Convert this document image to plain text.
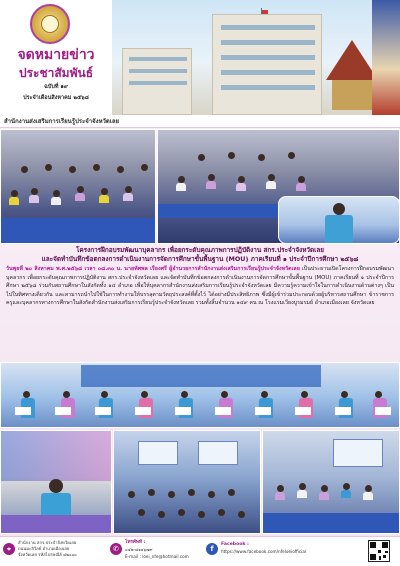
จดหมายข่าว
ประชาสัมพันธ์
ฉบับที่ ๑๙
ประจำเดือนสิงหาคม ๒๕๖๘
สำนักงานส่งเสริมการเรียนรู้ประจำจังหวัดเลย
โครงการฝึกอบรมพัฒนาบุคลากร เพื่อยกระดับคุณภาพการปฏิบัติงาน สกร.ประจำจังหวัดเลย
และจัดทำบันทึกข้อตกลงการดำเนินงานการจัดการศึกษาขั้นพื้นฐาน (MOU) ภาคเรียนที่ ๑ ประจำปีการศึกษา ๒๕๖๘
วันพุธที่ ๒๐ สิงหาคม พ.ศ.๒๕๖๘ เวลา ๐๘.๓๐ น. นายทัศพล เรืองศรี ผู้อำนวยการสำนักงานส่งเสริมการเรียนรู้ประจำจังหวัดเลย เป็นประธานเปิดโครงการฝึกอบรมพัฒนาบุคลากร เพื่อยกระดับคุณภาพการปฏิบัติงาน สกร.ประจำจังหวัดเลย และจัดทำบันทึกข้อตกลงการดำเนินงานการจัดการศึกษาขั้นพื้นฐาน (MOU) ภาคเรียนที่ ๑ ประจำปีการศึกษา ๒๕๖๘ ร่วมกับสถานศึกษาในสังกัดทั้ง ๑๔ อำเภอ เพื่อให้บุคลากรสำนักงานส่งเสริมการเรียนรู้ประจำจังหวัดเลย มีความรู้ความเข้าใจในการดำเนินงานด้านต่างๆ เป็นไปในทิศทางเดียวกัน และสามารถนำไปใช้ในการทำงานให้บรรลุตามวัตถุประสงค์ที่ตั้งไว้ ได้อย่างมีประสิทธิภาพ ซึ่งมีผู้เข้าร่วมประกอบด้วยผู้บริหารสถานศึกษา ข้าราชการครูและบุคลากรทางการศึกษาในสังกัดสำนักงานส่งเสริมการเรียนรู้ประจำจังหวัดเลย รวมทั้งสิ้นจำนวน ๑๔๙ คน ณ โรงแรมเวียงบูรมรมย์ อำเภอเมืองเลย จังหวัดเลย
⌖
สำนักงาน สกร.ประจำจังหวัดเลย
ถนนมะลิวัลย์ อำเภอเมืองเลย
จังหวัดเลย รหัสไปรษณีย์ ๔๒๐๐๐
✆
โทรศัพท์ :
๐๔๒-๘๑๑๖๗๙
E-mail : loei_nfe@hotmail.com
f
Facebook :
https://www.facebook.com/nfeloeiofficial
